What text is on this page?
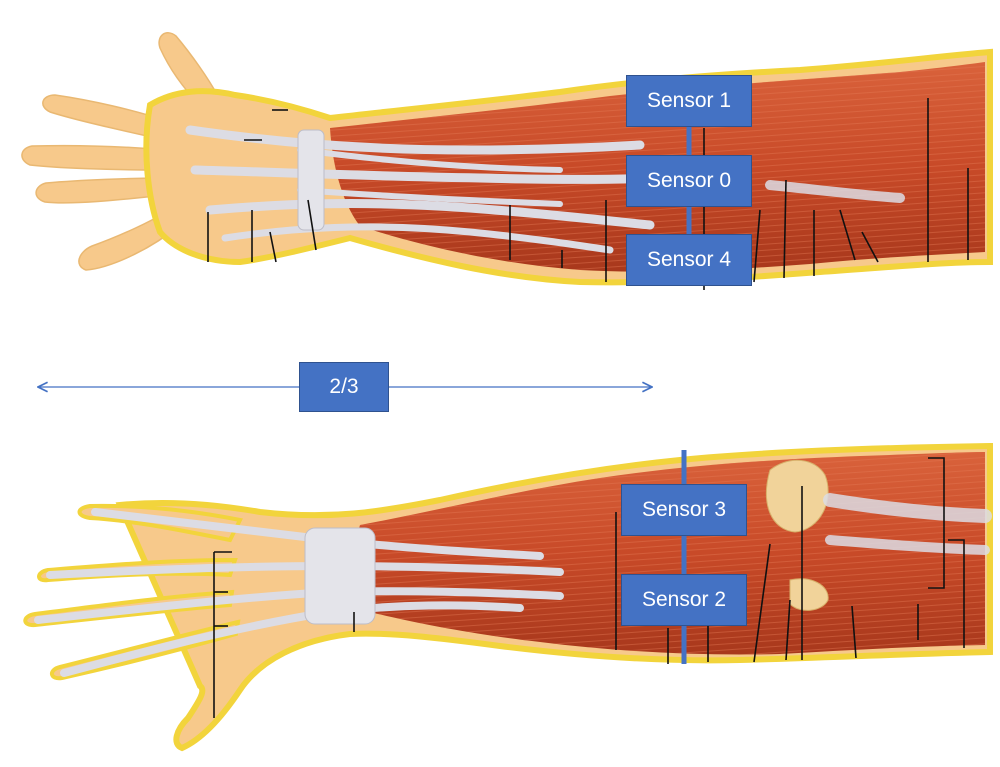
Sensor 1
Sensor 0
Sensor 4
2/3
Sensor 3
Sensor 2
